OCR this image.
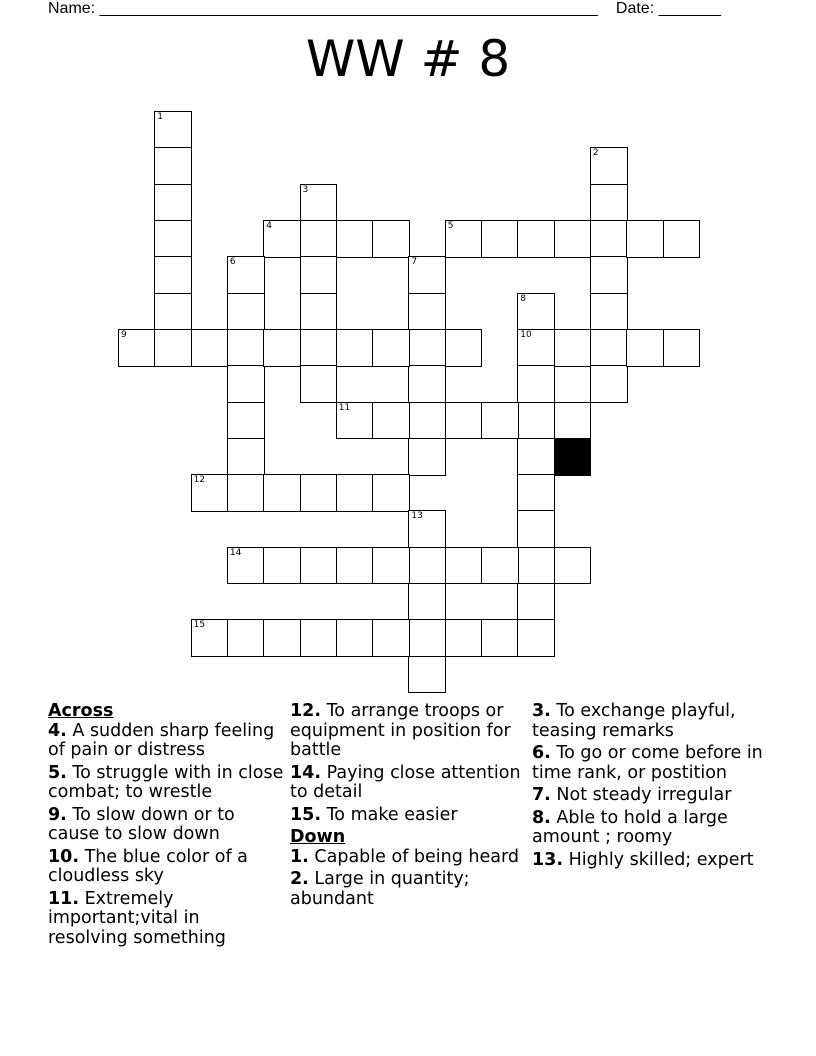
Name: ________________________________________________________ Date: _______
WW # 8
1
2
3
4	5
6	7
8
10
9
11
12
13
14
15
Across
4. A sudden sharp feeling of pain or distress
5. To struggle with in close combat; to wrestle
9. To slow down or to cause to slow down
10. The blue color of a cloudless sky
11. Extremely important;vital in resolving something
12. To arrange troops or equipment in position for battle
14. Paying close attention to detail
15. To make easier
Down
1. Capable of being heard
2. Large in quantity; abundant
3. To exchange playful, teasing remarks
6. To go or come before in time rank, or postition
7. Not steady irregular
8. Able to hold a large amount ; roomy
13. Highly skilled; expert
